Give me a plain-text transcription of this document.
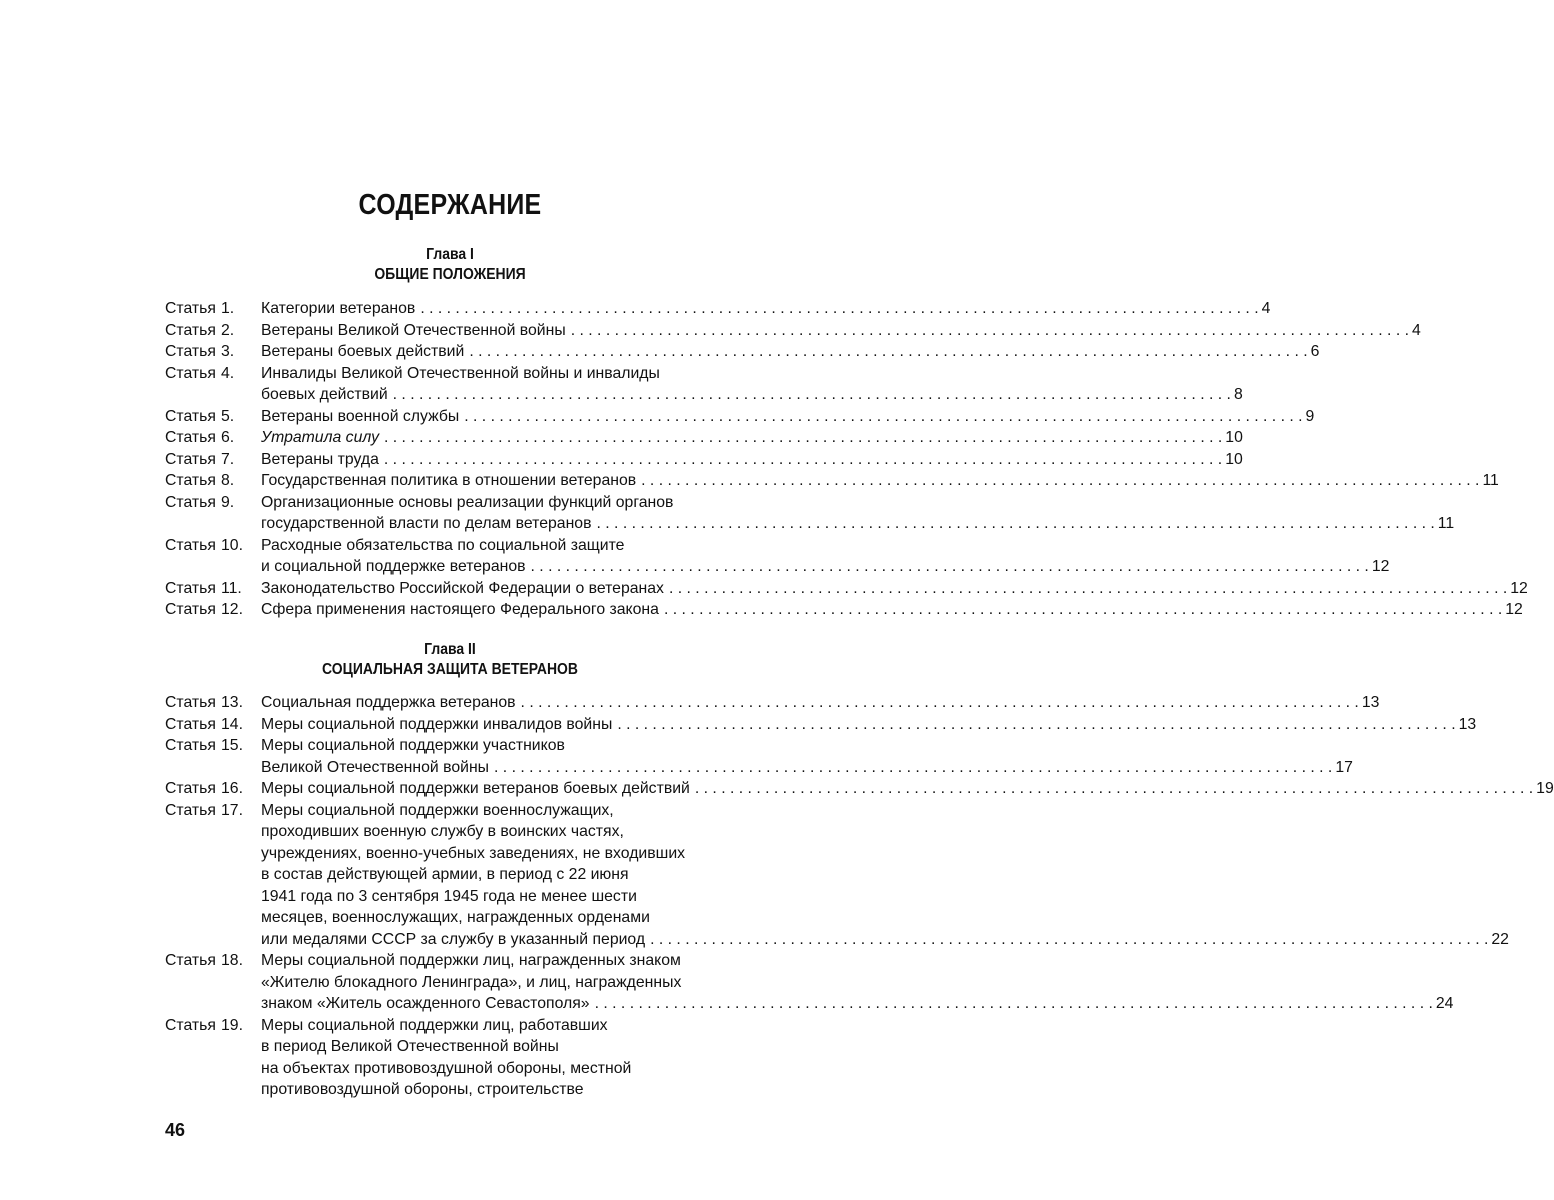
СОДЕРЖАНИЕ
Глава I
ОБЩИЕ ПОЛОЖЕНИЯ
Статья 1. Категории ветеранов . . .	4
Статья 2. Ветераны Великой Отечественной войны . . .	4
Статья 3. Ветераны боевых действий . . .	6
Статья 4. Инвалиды Великой Отечественной войны и инвалиды
боевых действий . . .	8
Статья 5. Ветераны военной службы . . .	9
Статья 6. Утратила силу . . .	10
Статья 7. Ветераны труда . . .	10
Статья 8. Государственная политика в отношении ветеранов . . .	11
Статья 9. Организационные основы реализации функций органов
государственной власти по делам ветеранов . . .	11
Статья 10. Расходные обязательства по социальной защите
и социальной поддержке ветеранов . . .	12
Статья 11. Законодательство Российской Федерации о ветеранах . . .	12
Статья 12. Сфера применения настоящего Федерального закона . . .	12
Глава II
СОЦИАЛЬНАЯ ЗАЩИТА ВЕТЕРАНОВ
Статья 13. Социальная поддержка ветеранов . . .	13
Статья 14. Меры социальной поддержки инвалидов войны . . .	13
Статья 15. Меры социальной поддержки участников
Великой Отечественной войны . . .	17
Статья 16. Меры социальной поддержки ветеранов боевых действий . . .	19
Статья 17. Меры социальной поддержки военнослужащих,
проходивших военную службу в воинских частях,
учреждениях, военно-учебных заведениях, не входивших
в состав действующей армии, в период с 22 июня
1941 года по 3 сентября 1945 года не менее шести
месяцев, военнослужащих, награжденных орденами
или медалями СССР за службу в указанный период . . .	22
Статья 18. Меры социальной поддержки лиц, награжденных знаком
«Жителю блокадного Ленинграда», и лиц, награжденных
знаком «Житель осажденного Севастополя» . . .	24
Статья 19. Меры социальной поддержки лиц, работавших
в период Великой Отечественной войны
на объектах противовоздушной обороны, местной
противовоздушной обороны, строительстве
46
